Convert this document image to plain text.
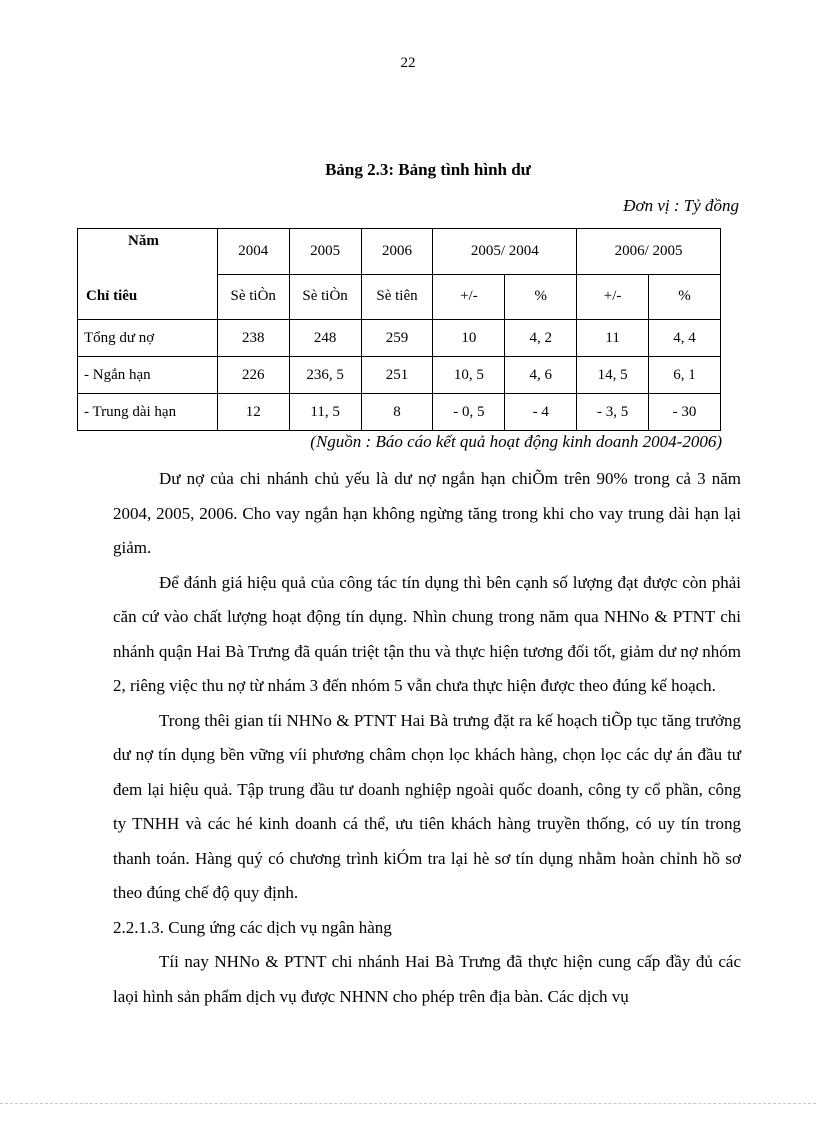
22
Bảng 2.3: Bảng tình hình dư
Đơn vị : Tỷ đồng
Năm
Chỉ tiêu	2004	2005	2006	2005/ 2004		2006/ 2005	
	Sè tiÒn	Sè tiÒn	Sè tiên	+/-	%	+/-	%
Tổng dư nợ	238	248	259	10	4, 2	11	4, 4
- Ngắn hạn	226	236, 5	251	10, 5	4, 6	14, 5	6, 1
- Trung dài hạn	12	11, 5	8	- 0, 5	- 4	- 3, 5	- 30
(Nguồn : Báo cáo kết quả hoạt động kinh doanh 2004-2006)

Dư nợ của chi nhánh chủ yếu là dư nợ ngắn hạn chiÕm trên 90% trong cả 3 năm 2004, 2005, 2006. Cho vay ngắn hạn không ngừng tăng trong khi cho vay trung dài hạn lại giảm.

Để đánh giá hiệu quả của công tác tín dụng thì bên cạnh số lượng đạt được còn phải căn cứ vào chất lượng hoạt động tín dụng. Nhìn chung trong năm qua NHNo & PTNT chi nhánh quận Hai Bà Trưng đã quán triệt tận thu và thực hiện tương đối tốt, giảm dư nợ nhóm 2, riêng việc thu nợ từ nhám 3 đến nhóm 5 vẫn chưa thực hiện được theo đúng kế hoạch.

Trong thêi gian tíi NHNo & PTNT Hai Bà trưng đặt ra kế hoạch tiÕp tục tăng trưởng dư nợ tín dụng bền vững víi phương châm chọn lọc khách hàng, chọn lọc các dự án đầu tư đem lại hiệu quả. Tập trung đầu tư doanh nghiệp ngoài quốc doanh, công ty cổ phần, công ty TNHH và các hé kinh doanh cá thể, ưu tiên khách hàng truyền thống, có uy tín trong thanh toán. Hàng quý có chương trình kiÓm tra lại hè sơ tín dụng nhằm hoàn chỉnh hồ sơ theo đúng chế độ quy định.

2.2.1.3. Cung ứng các dịch vụ ngân hàng

Tíi nay NHNo & PTNT chi nhánh Hai Bà Trưng đã thực hiện cung cấp đầy đủ các laọi hình sản phẩm dịch vụ được NHNN cho phép trên địa bàn. Các dịch vụ
